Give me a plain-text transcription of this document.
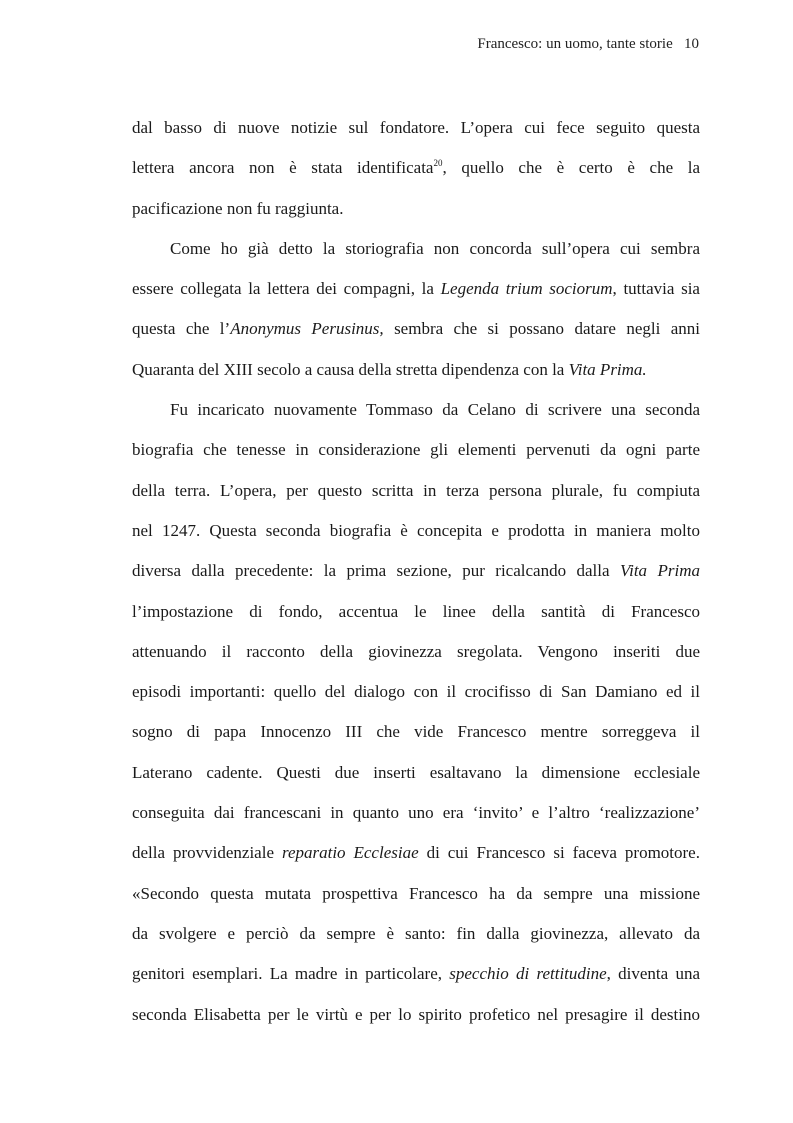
Francesco: un uomo, tante storie 10
dal basso di nuove notizie sul fondatore. L’opera cui fece seguito questa
lettera ancora non è stata identificata$^{20}$, quello che è certo è che la
pacificazione non fu raggiunta.
Come ho già detto la storiografia non concorda sull’opera cui sembra
essere collegata la lettera dei compagni, la Legenda trium sociorum, tuttavia sia
questa che l’Anonymus Perusinus, sembra che si possano datare negli anni
Quaranta del XIII secolo a causa della stretta dipendenza con la Vita Prima.
Fu incaricato nuovamente Tommaso da Celano di scrivere una seconda
biografia che tenesse in considerazione gli elementi pervenuti da ogni parte
della terra. L’opera, per questo scritta in terza persona plurale, fu compiuta
nel 1247. Questa seconda biografia è concepita e prodotta in maniera molto
diversa dalla precedente: la prima sezione, pur ricalcando dalla Vita Prima
l’impostazione di fondo, accentua le linee della santità di Francesco
attenuando il racconto della giovinezza sregolata. Vengono inseriti due
episodi importanti: quello del dialogo con il crocifisso di San Damiano ed il
sogno di papa Innocenzo III che vide Francesco mentre sorreggeva il
Laterano cadente. Questi due inserti esaltavano la dimensione ecclesiale
conseguita dai francescani in quanto uno era ‘invito’ e l’altro ‘realizzazione’
della provvidenziale reparatio Ecclesiae di cui Francesco si faceva promotore.
«Secondo questa mutata prospettiva Francesco ha da sempre una missione
da svolgere e perciò da sempre è santo: fin dalla giovinezza, allevato da
genitori esemplari. La madre in particolare, specchio di rettitudine, diventa una
seconda Elisabetta per le virtù e per lo spirito profetico nel presagire il destino
